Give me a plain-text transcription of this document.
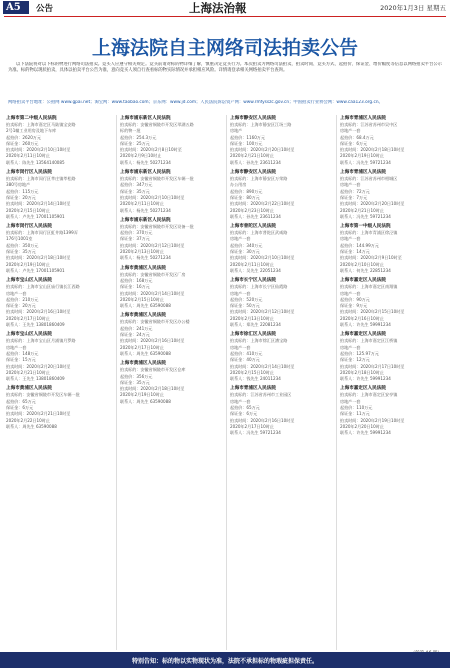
A5	公告	上海法治報	2020年1月3日 星期五
上海法院自主网络司法拍卖公告
以下法院将对以下标的物进行网络司法拍卖。竞买人应遵守相关规定。竞买前请对标的物详细了解，慎重决定竞买行为。本次拍卖为网络司法拍卖，拍卖时间、竞买方式、起拍价、保证金、增价幅度等信息以网络拍卖平台公示为准。标的物以现状拍卖，具体以拍卖平台公告为准，意向竞买人须自行查看标的物实际情况并承担相应风险。详情请登录相关网络拍卖平台查询。
网络拍卖平台地址：公拍网 www.gpai.net；淘宝网：www.taobao.com；京东网：www.jd.com；人民法院诉讼资产网：www.rmfysszc.gov.cn；中国拍卖行业协会网：www.caa123.org.cn。
上海市第二中级人民法院
拍卖标的：上海市嘉定区马陆镇宝安路
2号1幢工业用房及地下车库
起拍价：2620万元
保证金：260万元
拍卖时间：2020年2月10日10时至
2020年2月11日10时止
联系人：陈先生 13564140085
上海市闵行区人民法院
拍卖标的：上海市闵行区莘庄镇莘松路
380号房地产
起拍价：115万元
保证金：20万元
拍卖时间：2020年2月14日10时至
2020年2月15日10时止
联系人：卢先生 17001105901
上海市闵行区人民法院
拍卖标的：上海市闵行区虹井路1399弄
176号1001室
起拍价：350万元
保证金：35万元
拍卖时间：2020年2月18日10时至
2020年2月19日10时止
联系人：卢先生 17001105901
上海市宝山区人民法院
拍卖标的：上海市宝山区庙行镇长江西路
房地产一套
起拍价：210万元
保证金：20万元
拍卖时间：2020年2月16日10时至
2020年2月17日10时止
联系人：王先生 13801860409
上海市宝山区人民法院
拍卖标的：上海市宝山区月浦镇月罗路
房地产一套
起拍价：148万元
保证金：15万元
拍卖时间：2020年2月20日10时至
2020年2月21日10时止
联系人：王先生 13801860409
上海市黄浦区人民法院
拍卖标的：安徽省铜陵市开发区车辆一批
起拍价：65万元
保证金：6万元
拍卖时间：2020年2月21日10时至
2020年2月22日10时止
联系人：周先生 63590088
上海市浦东新区人民法院
拍卖标的：安徽省铜陵市开发区翠湖五路
标的物一批
起拍价：254.3万元
保证金：25万元
拍卖时间：2020年2月8日10时至
2020年2月9日10时止
联系人：杨先生 50271234
上海市浦东新区人民法院
拍卖标的：安徽省铜陵市开发区车辆一批
起拍价：347万元
保证金：35万元
拍卖时间：2020年2月10日10时至
2020年2月11日10时止
联系人：杨先生 50271234
上海市浦东新区人民法院
拍卖标的：安徽省铜陵市开发区设备一批
起拍价：370万元
保证金：37万元
拍卖时间：2020年2月12日10时至
2020年2月13日10时止
联系人：杨先生 50271234
上海市黄浦区人民法院
拍卖标的：安徽省铜陵市开发区厂房
起拍价：168万元
保证金：16万元
拍卖时间：2020年2月14日10时至
2020年2月15日10时止
联系人：周先生 63590088
上海市黄浦区人民法院
拍卖标的：安徽省铜陵市开发区办公楼
起拍价：241万元
保证金：24万元
拍卖时间：2020年2月16日10时至
2020年2月17日10时止
联系人：周先生 63590088
上海市黄浦区人民法院
拍卖标的：安徽省铜陵市开发区仓库
起拍价：356万元
保证金：35万元
拍卖时间：2020年2月18日10时至
2020年2月19日10时止
联系人：周先生 63590088
上海市静安区人民法院
拍卖标的：上海市静安区江场三路
房地产
起拍价：1160万元
保证金：100万元
拍卖时间：2020年2月20日10时至
2020年2月21日10时止
联系人：孙先生 23611234
上海市静安区人民法院
拍卖标的：上海市静安区万荣路
办公用房
起拍价：890万元
保证金：80万元
拍卖时间：2020年2月22日10时至
2020年2月23日10时止
联系人：孙先生 23611234
上海市普陀区人民法院
拍卖标的：上海市普陀区武威路
房地产一套
起拍价：340万元
保证金：30万元
拍卖时间：2020年2月10日10时至
2020年2月11日10时止
联系人：吴先生 22051234
上海市长宁区人民法院
拍卖标的：上海市长宁区仙霞路
房地产一套
起拍价：520万元
保证金：50万元
拍卖时间：2020年2月12日10时至
2020年2月13日10时止
联系人：郑先生 22081234
上海市徐汇区人民法院
拍卖标的：上海市徐汇区漕宝路
房地产一套
起拍价：410万元
保证金：40万元
拍卖时间：2020年2月14日10时至
2020年2月15日10时止
联系人：钱先生 24011234
上海市青浦区人民法院
拍卖标的：江苏省苏州市工业园区
房地产一套
起拍价：65万元
保证金：6万元
拍卖时间：2020年2月16日10时至
2020年2月17日10时止
联系人：冯先生 59721234
上海市青浦区人民法院
拍卖标的：江苏省苏州市吴中区
房地产一套
起拍价：68.4万元
保证金：6万元
拍卖时间：2020年2月18日10时至
2020年2月19日10时止
联系人：冯先生 59721234
上海市青浦区人民法院
拍卖标的：江苏省苏州市相城区
房地产一套
起拍价：72万元
保证金：7万元
拍卖时间：2020年2月20日10时至
2020年2月21日10时止
联系人：冯先生 59721234
上海市第一中级人民法院
拍卖标的：上海市青浦区徐泾镇
房地产一套
起拍价：144.99万元
保证金：14万元
拍卖时间：2020年2月9日10时至
2020年2月10日10时止
联系人：何先生 22851234
上海市嘉定区人民法院
拍卖标的：上海市嘉定区南翔镇
房地产一套
起拍价：90万元
保证金：9万元
拍卖时间：2020年2月15日10时至
2020年2月16日10时止
联系人：许先生 59991234
上海市嘉定区人民法院
拍卖标的：上海市嘉定区江桥镇
房地产一套
起拍价：125.97万元
保证金：12万元
拍卖时间：2020年2月17日10时至
2020年2月18日10时止
联系人：许先生 59991234
上海市嘉定区人民法院
拍卖标的：上海市嘉定区安亭镇
房地产一套
起拍价：110万元
保证金：11万元
拍卖时间：2020年2月19日10时至
2020年2月20日10时止
联系人：许先生 59991234
特别告知：标的物以实物现状为准，法院不承担标的物瑕疵担保责任。
